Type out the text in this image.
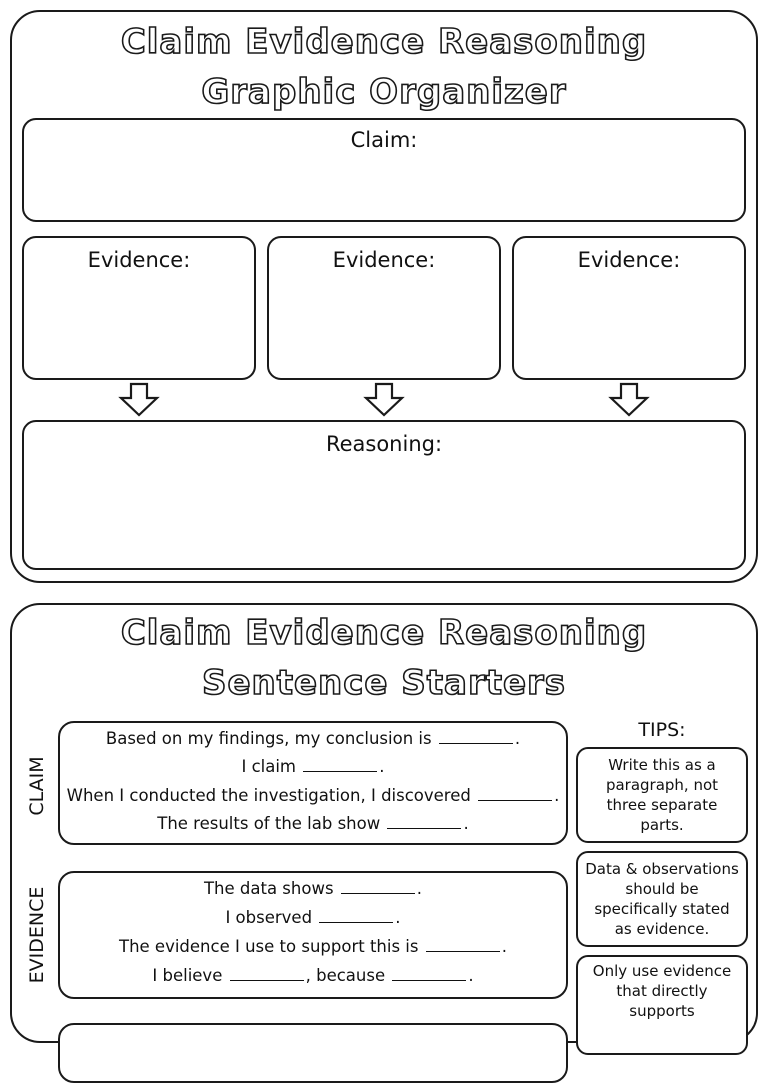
Claim Evidence Reasoning
Graphic Organizer
Claim:
Evidence:	Evidence:	Evidence:
Reasoning:
Claim Evidence Reasoning
Sentence Starters
CLAIM
Based on my findings, my conclusion is	.
I claim	.
When I conducted the investigation, I discovered	.
The results of the lab show	.
EVIDENCE	The data shows	.
I observed	.
The evidence I use to support this is	.
I believe	, because	.
TIPS:
Write this as a paragraph, not three separate parts.
Data & observations should be specifically stated as evidence.
Only use evidence that directly supports
